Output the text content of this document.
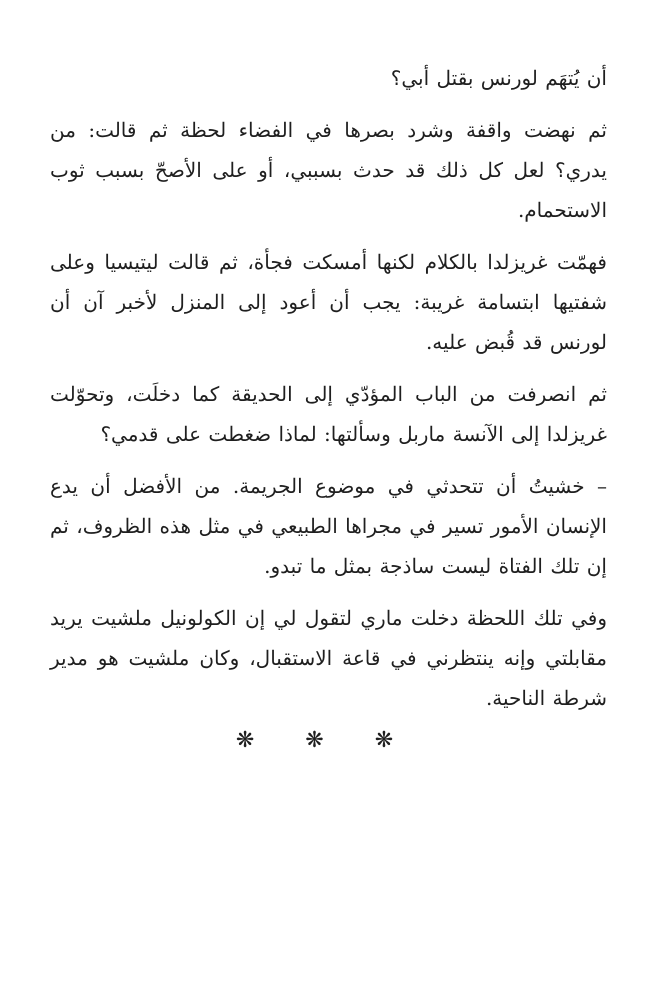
أن يُتهَم لورنس بقتل أبي؟

ثم نهضت واقفة وشرد بصرها في الفضاء لحظة ثم قالت: من يدري؟ لعل كل ذلك قد حدث بسببي، أو على الأصحّ بسبب ثوب الاستحمام.

فهمّت غريزلدا بالكلام لكنها أمسكت فجأة، ثم قالت ليتيسيا وعلى شفتيها ابتسامة غريبة: يجب أن أعود إلى المنزل لأخبر آن أن لورنس قد قُبض عليه.

ثم انصرفت من الباب المؤدّي إلى الحديقة كما دخلَت، وتحوّلت غريزلدا إلى الآنسة ماربل وسألتها: لماذا ضغطت على قدمي؟

– خشيتُ أن تتحدثي في موضوع الجريمة. من الأفضل أن يدع الإنسان الأمور تسير في مجراها الطبيعي في مثل هذه الظروف، ثم إن تلك الفتاة ليست ساذجة بمثل ما تبدو.

وفي تلك اللحظة دخلت ماري لتقول لي إن الكولونيل ملشيت يريد مقابلتي وإنه ينتظرني في قاعة الاستقبال، وكان ملشيت هو مدير شرطة الناحية.

❋ ❋ ❋
